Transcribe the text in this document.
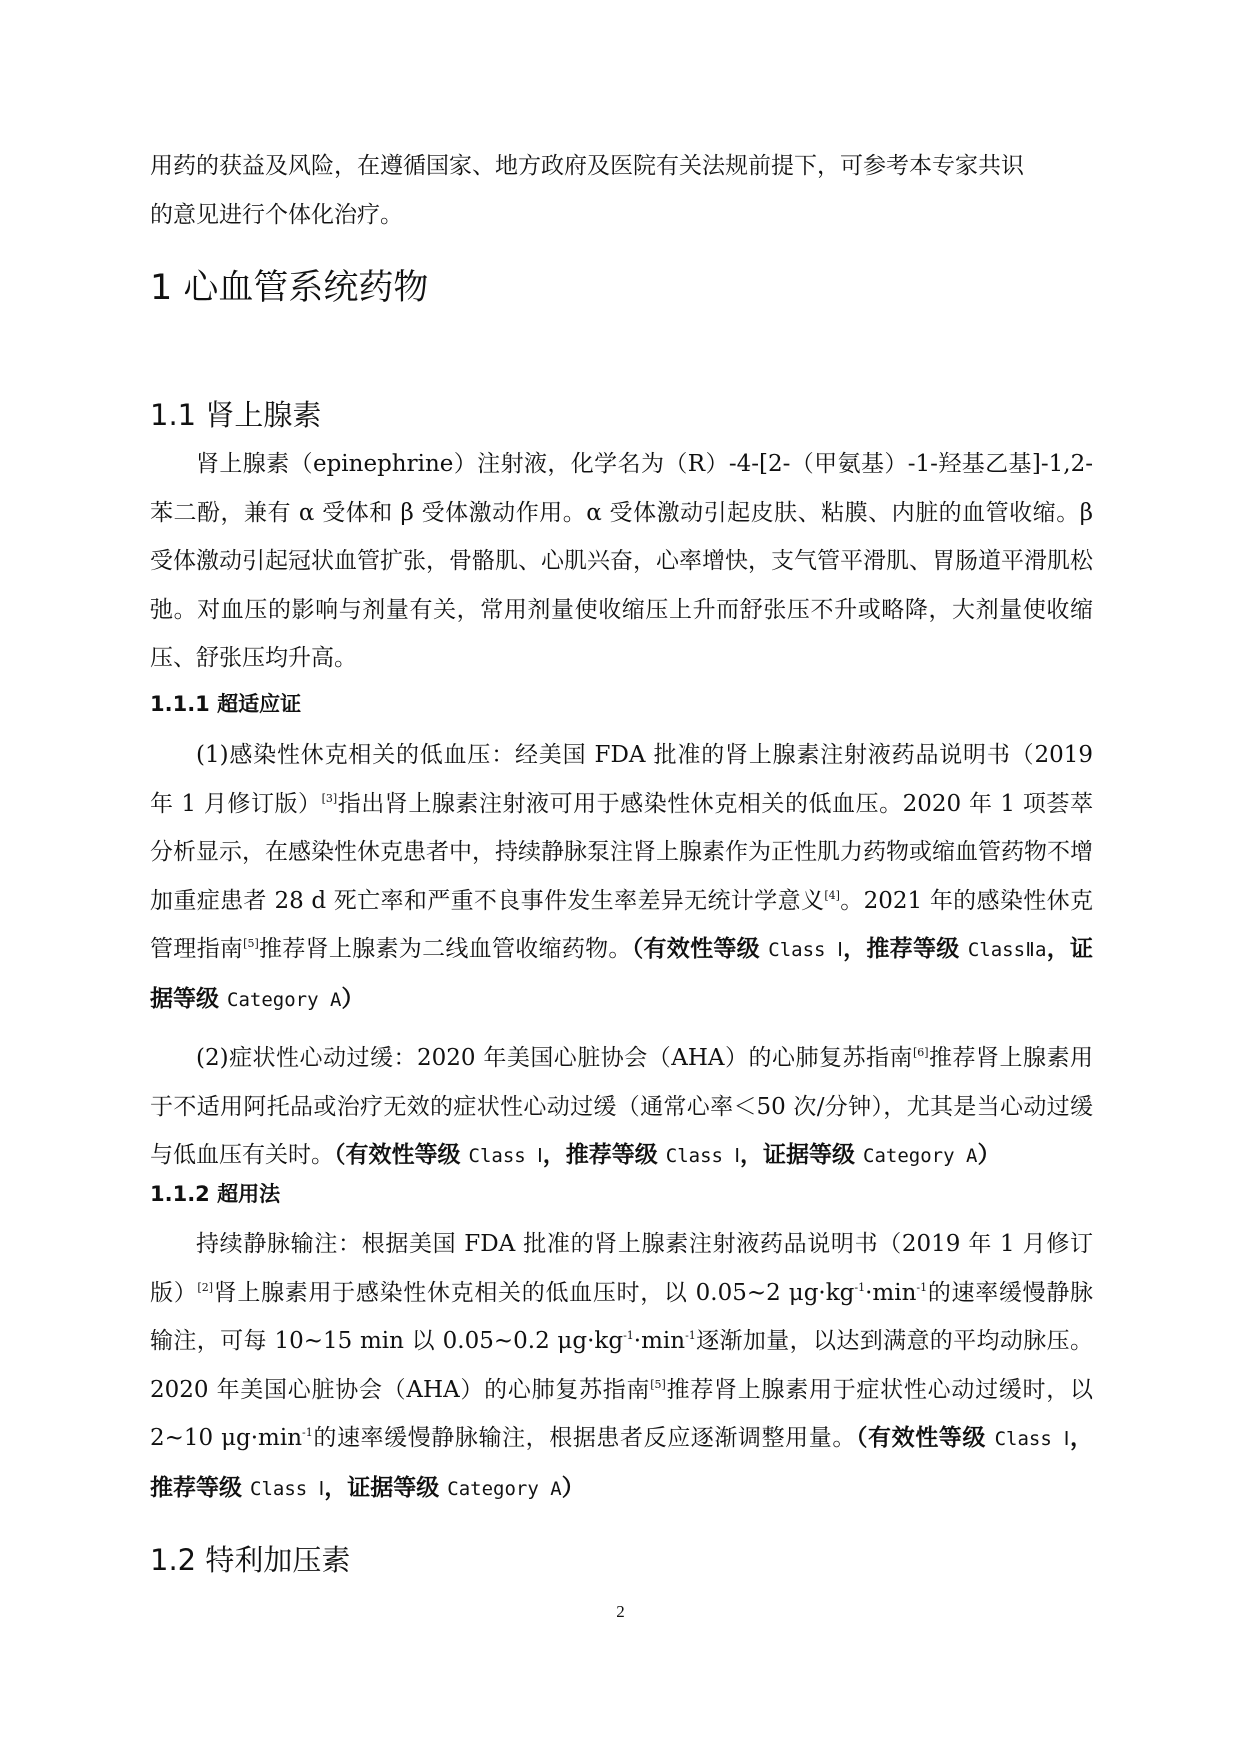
用药的获益及风险，在遵循国家、地方政府及医院有关法规前提下，可参考本专家共识

的意见进行个体化治疗。

1 心血管系统药物
1.1 肾上腺素

肾上腺素（epinephrine）注射液，化学名为（R）-4-[2-（甲氨基）-1-羟基乙基]-1,2-苯二酚，兼有 α 受体和 β 受体激动作用。α 受体激动引起皮肤、粘膜、内脏的血管收缩。β 受体激动引起冠状血管扩张，骨骼肌、心肌兴奋，心率增快，支气管平滑肌、胃肠道平滑肌松弛。对血压的影响与剂量有关，常用剂量使收缩压上升而舒张压不升或略降，大剂量使收缩压、舒张压均升高。

1.1.1 超适应证

(1)感染性休克相关的低血压：经美国 FDA 批准的肾上腺素注射液药品说明书（2019 年 1 月修订版）[3]指出肾上腺素注射液可用于感染性休克相关的低血压。2020 年 1 项荟萃分析显示，在感染性休克患者中，持续静脉泵注肾上腺素作为正性肌力药物或缩血管药物不增加重症患者 28 d 死亡率和严重不良事件发生率差异无统计学意义[4]。2021 年的感染性休克管理指南[5]推荐肾上腺素为二线血管收缩药物。（有效性等级 Class Ⅰ，推荐等级 ClassⅡa，证据等级 Category A）

(2)症状性心动过缓：2020 年美国心脏协会（AHA）的心肺复苏指南[6]推荐肾上腺素用于不适用阿托品或治疗无效的症状性心动过缓（通常心率＜50 次/分钟），尤其是当心动过缓与低血压有关时。（有效性等级 Class Ⅰ，推荐等级 Class Ⅰ，证据等级 Category A）

1.1.2 超用法

持续静脉输注：根据美国 FDA 批准的肾上腺素注射液药品说明书（2019 年 1 月修订版）[2]肾上腺素用于感染性休克相关的低血压时，以 0.05~2 $\mu g\cdot kg^{-1}\cdot\min^{-1}$的速率缓慢静脉输注，可每 10~15 min 以 0.05~0.2 $\mu g\cdot kg^{-1}\cdot\min^{-1}$逐渐加量，以达到满意的平均动脉压。2020 年美国心脏协会（AHA）的心肺复苏指南[5]推荐肾上腺素用于症状性心动过缓时，以 2~10 $\mu g\cdot\min^{-1}$的速率缓慢静脉输注，根据患者反应逐渐调整用量。（有效性等级 Class Ⅰ，推荐等级 Class Ⅰ，证据等级 Category A）

1.2 特利加压素
2
